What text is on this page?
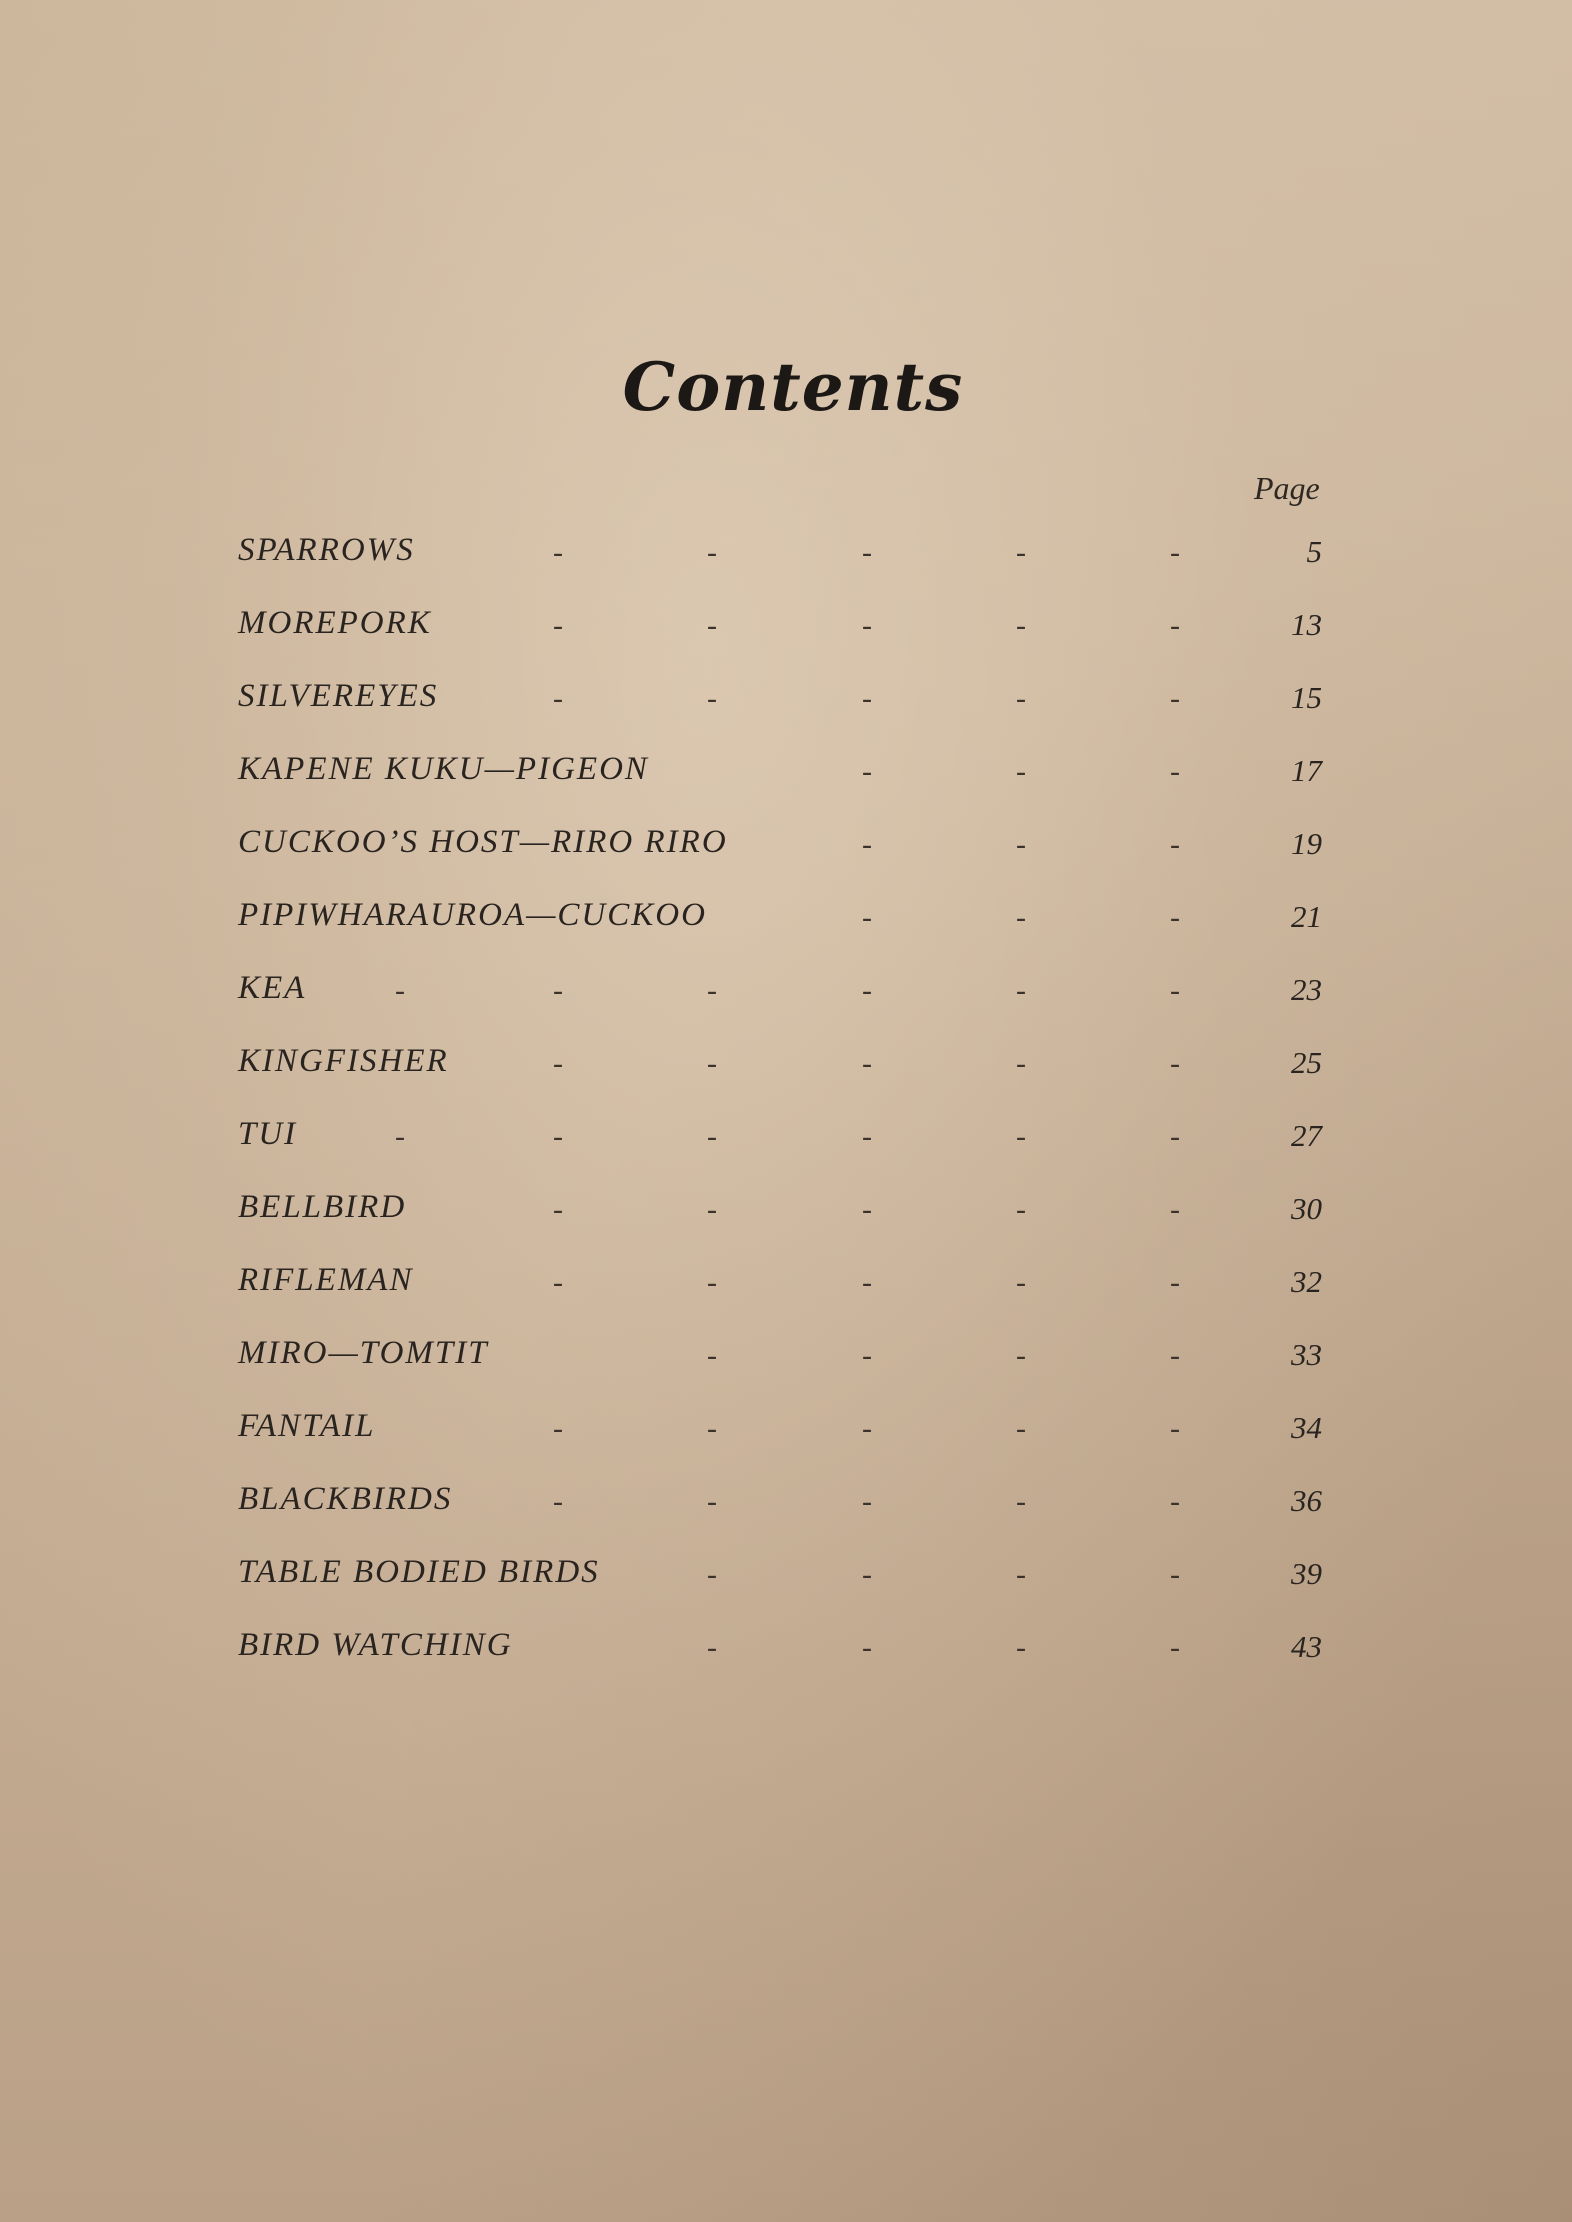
Contents
Page
SPARROWS	-	-	-	-	-	5
MOREPORK	-	-	-	-	-	13
SILVEREYES	-	-	-	-	-	15
KAPENE KUKU—PIGEON	-	-	-	17
CUCKOO’S HOST—RIRO RIRO	-	-	-	19
PIPIWHARAUROA—CUCKOO	-	-	-	21
KEA	-	-	-	-	-	-	23
KINGFISHER	-	-	-	-	-	25
TUI	-	-	-	-	-	-	27
BELLBIRD	-	-	-	-	-	30
RIFLEMAN	-	-	-	-	-	32
MIRO—TOMTIT	-	-	-	-	33
FANTAIL	-	-	-	-	-	34
BLACKBIRDS	-	-	-	-	-	36
TABLE BODIED BIRDS	-	-	-	-	39
BIRD WATCHING	-	-	-	-	43
